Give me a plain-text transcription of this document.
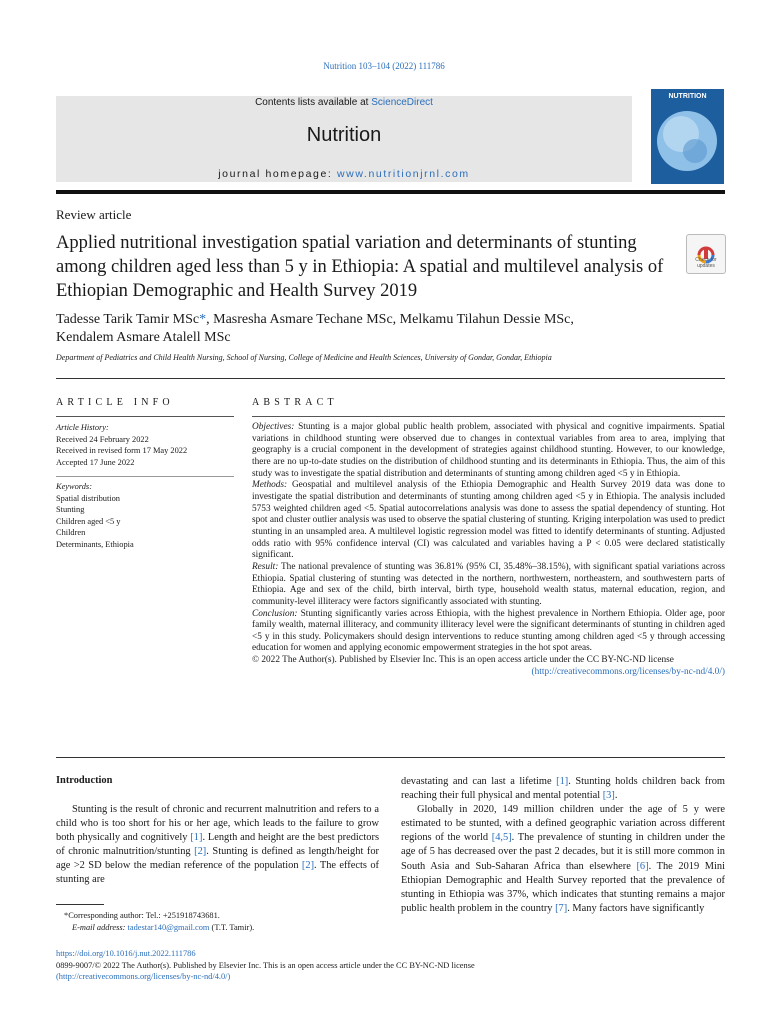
Nutrition 103–104 (2022) 111786
Contents lists available at ScienceDirect
Nutrition
journal homepage: www.nutritionjrnl.com
NUTRITION
Review article
Applied nutritional investigation spatial variation and determinants of stunting among children aged less than 5 y in Ethiopia: A spatial and multilevel analysis of Ethiopian Demographic and Health Survey 2019
Check for updates
Tadesse Tarik Tamir MSc*, Masresha Asmare Techane MSc, Melkamu Tilahun Dessie MSc,
Kendalem Asmare Atalell MSc
Department of Pediatrics and Child Health Nursing, School of Nursing, College of Medicine and Health Sciences, University of Gondar, Gondar, Ethiopia
ARTICLE INFO
Article History:
Received 24 February 2022
Received in revised form 17 May 2022
Accepted 17 June 2022
Keywords:
Spatial distribution
Stunting
Children aged <5 y
Children
Determinants, Ethiopia
ABSTRACT

Objectives: Stunting is a major global public health problem, associated with physical and cognitive impairments. Spatial variations in childhood stunting were observed due to changes in contextual variables from area to area, implying that geography is a crucial component in the development of strategies against childhood stunting. However, to our knowledge, there are no up-to-date studies on the distribution of childhood stunting and its determinants in Ethiopia. Thus, the aim of this study was to investigate the spatial distribution and determinants of stunting among children aged <5 y in Ethiopia.

Methods: Geospatial and multilevel analysis of the Ethiopia Demographic and Health Survey 2019 data was done to investigate the spatial distribution and determinants of stunting among children aged <5 y in Ethiopia. The analysis included 5753 weighted children aged <5. Spatial autocorrelations analysis was done to assess the spatial dependency of stunting. Hot spot and cluster outlier analysis was used to observe the spatial clustering of stunting. Kriging interpolation was used to predict stunting in an unsampled area. A multilevel logistic regression model was fitted to identify determinants of stunting. Adjusted odds ratio with 95% confidence interval (CI) was calculated and variables having a P < 0.05 were declared statistically significant.

Result: The national prevalence of stunting was 36.81% (95% CI, 35.48%–38.15%), with significant spatial variations across Ethiopia. Spatial clustering of stunting was detected in the northern, northwestern, northeastern, and southwestern parts of Ethiopia. Age and sex of the child, birth interval, birth type, household wealth status, maternal education, region, and community-level illiteracy were factors significantly associated with stunting.

Conclusion: Stunting significantly varies across Ethiopia, with the highest prevalence in Northern Ethiopia. Older age, poor family wealth, maternal illiteracy, and community illiteracy level were the significant determinants of stunting in children aged <5 y in this study. Policymakers should design interventions to reduce stunting among children aged <5 y through accessing education for women and applying economic empowerment strategies in the hot spot areas.

© 2022 The Author(s). Published by Elsevier Inc. This is an open access article under the CC BY-NC-ND license

(http://creativecommons.org/licenses/by-nc-nd/4.0/)

Introduction
Stunting is the result of chronic and recurrent malnutrition and refers to a child who is too short for his or her age, which leads to the failure to grow both physically and cognitively [1]. Length and height are the best predictors of chronic malnutrition/stunting [2]. Stunting is defined as length/height for age >2 SD below the median reference of the population [2]. The effects of stunting are

devastating and can last a lifetime [1]. Stunting holds children back from reaching their full physical and mental potential [3].

Globally in 2020, 149 million children under the age of 5 y were estimated to be stunted, with a defined geographic variation across different regions of the world [4,5]. The prevalence of stunting in children under the age of 5 has decreased over the past 2 decades, but it is still more common in South Asia and Sub-Saharan Africa than elsewhere [6]. The 2019 Mini Ethiopian Demographic and Health Survey reported that the prevalence of stunting in Ethiopia was 37%, which indicates that stunting remains a major public health problem in the country [7]. Many factors have significantly

*Corresponding author: Tel.: +251918743681.
E-mail address: tadestar140@gmail.com (T.T. Tamir).
https://doi.org/10.1016/j.nut.2022.111786
0899-9007/© 2022 The Author(s). Published by Elsevier Inc. This is an open access article under the CC BY-NC-ND license
(http://creativecommons.org/licenses/by-nc-nd/4.0/)
